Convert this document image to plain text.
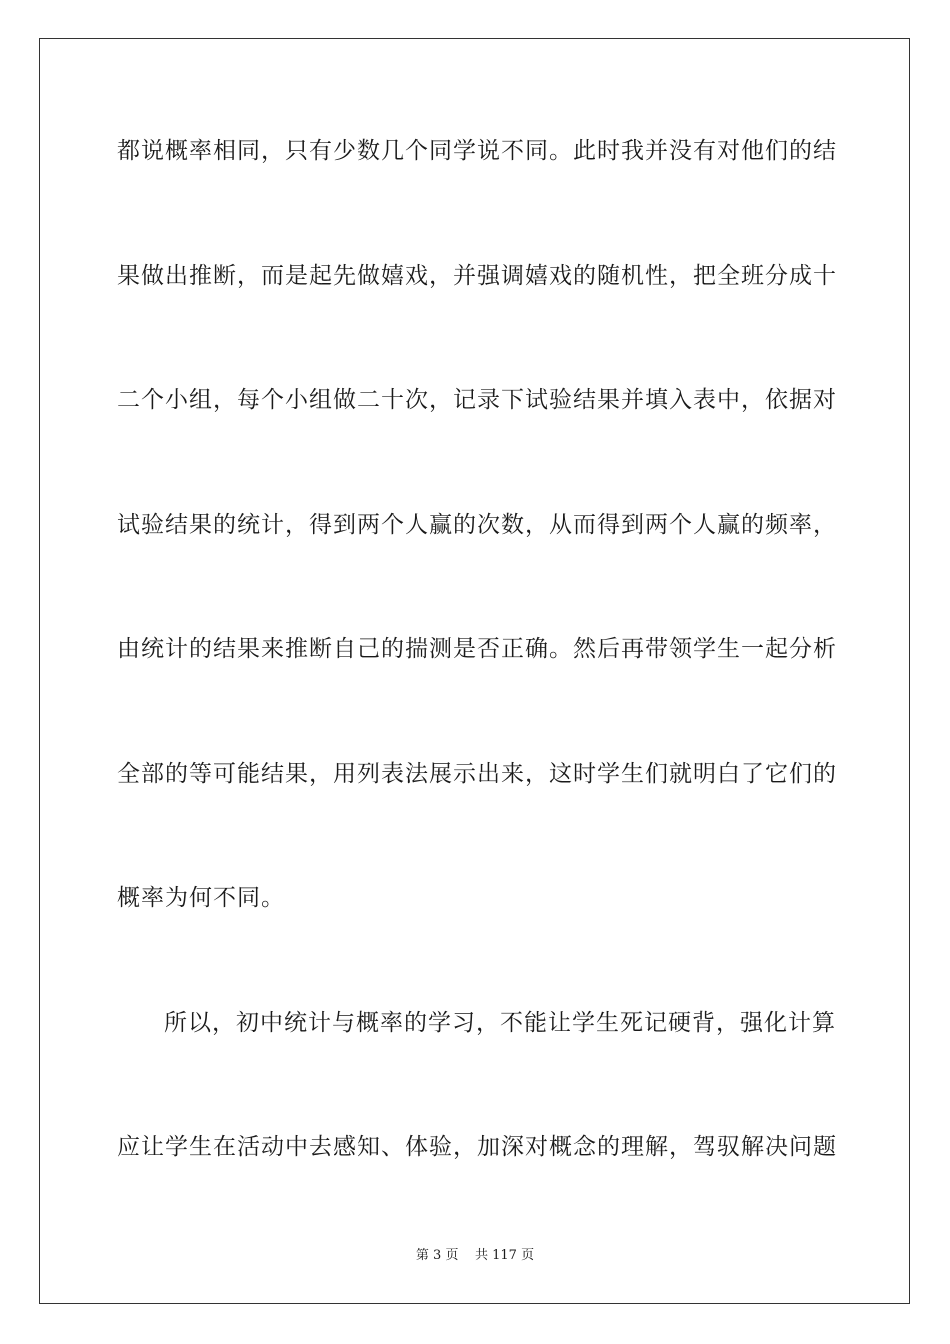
都说概率相同，只有少数几个同学说不同。此时我并没有对他们的结
果做出推断，而是起先做嬉戏，并强调嬉戏的随机性，把全班分成十
二个小组，每个小组做二十次，记录下试验结果并填入表中，依据对
试验结果的统计，得到两个人赢的次数，从而得到两个人赢的频率，
由统计的结果来推断自己的揣测是否正确。然后再带领学生一起分析
全部的等可能结果，用列表法展示出来，这时学生们就明白了它们的
概率为何不同。
所以，初中统计与概率的学习，不能让学生死记硬背，强化计算
应让学生在活动中去感知、体验，加深对概念的理解，驾驭解决问题
第 3 页 共 117 页
